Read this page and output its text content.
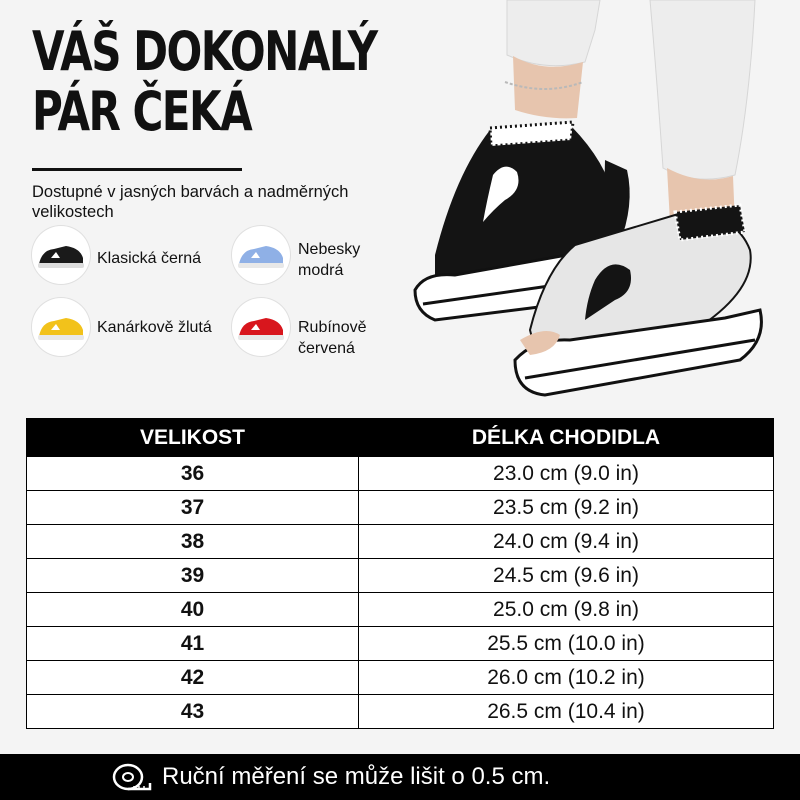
VÁŠ DOKONALÝ
PÁR ČEKÁ
Dostupné v jasných barvách a nadměrných velikostech
Klasická černá
Nebesky
modrá
Kanárkově žlutá	Rubínově
červená
VELIKOST	DÉLKA CHODIDLA
36	23.0 cm (9.0 in)
37	23.5 cm (9.2 in)
38	24.0 cm (9.4 in)
39	24.5 cm (9.6 in)
40	25.0 cm (9.8 in)
41	25.5 cm (10.0 in)
42	26.0 cm (10.2 in)
43	26.5 cm (10.4 in)
Ruční měření se může lišit o 0.5 cm.
